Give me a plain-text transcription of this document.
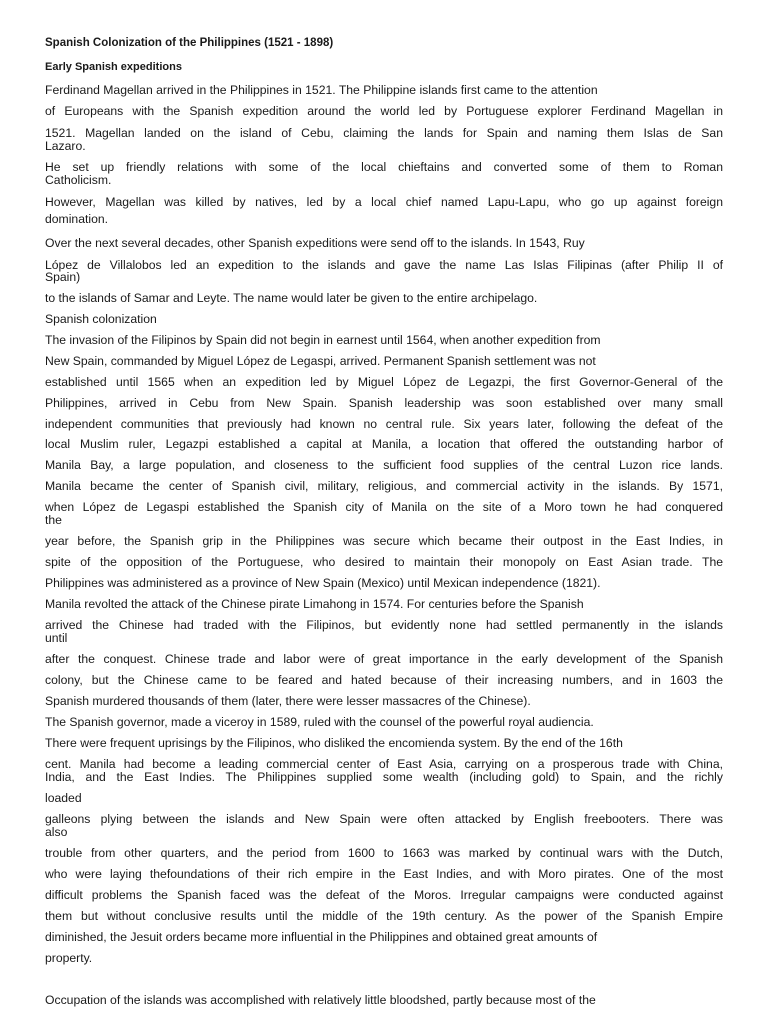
Spanish Colonization of the Philippines (1521 - 1898)
Early Spanish expeditions
Ferdinand Magellan arrived in the Philippines in 1521. The Philippine islands first came to the attention
of Europeans with the Spanish expedition around the world led by Portuguese explorer Ferdinand Magellan in
1521. Magellan landed on the island of Cebu, claiming the lands for Spain and naming them Islas de San
Lazaro.
He set up friendly relations with some of the local chieftains and converted some of them to Roman
Catholicism.
However, Magellan was killed by natives, led by a local chief named Lapu-Lapu, who go up against foreign
domination.
Over the next several decades, other Spanish expeditions were send off to the islands. In 1543, Ruy
López de Villalobos led an expedition to the islands and gave the name Las Islas Filipinas (after Philip II of
Spain)
to the islands of Samar and Leyte. The name would later be given to the entire archipelago.
Spanish colonization
The invasion of the Filipinos by Spain did not begin in earnest until 1564, when another expedition from
New Spain, commanded by Miguel López de Legaspi, arrived. Permanent Spanish settlement was not
established until 1565 when an expedition led by Miguel López de Legazpi, the first Governor-General of the
Philippines, arrived in Cebu from New Spain. Spanish leadership was soon established over many small
independent communities that previously had known no central rule. Six years later, following the defeat of the
local Muslim ruler, Legazpi established a capital at Manila, a location that offered the outstanding harbor of
Manila Bay, a large population, and closeness to the sufficient food supplies of the central Luzon rice lands.
Manila became the center of Spanish civil, military, religious, and commercial activity in the islands. By 1571,
when López de Legaspi established the Spanish city of Manila on the site of a Moro town he had conquered
the
year before, the Spanish grip in the Philippines was secure which became their outpost in the East Indies, in
spite of the opposition of the Portuguese, who desired to maintain their monopoly on East Asian trade. The
Philippines was administered as a province of New Spain (Mexico) until Mexican independence (1821).
Manila revolted the attack of the Chinese pirate Limahong in 1574. For centuries before the Spanish
arrived the Chinese had traded with the Filipinos, but evidently none had settled permanently in the islands
until
after the conquest. Chinese trade and labor were of great importance in the early development of the Spanish
colony, but the Chinese came to be feared and hated because of their increasing numbers, and in 1603 the
Spanish murdered thousands of them (later, there were lesser massacres of the Chinese).
The Spanish governor, made a viceroy in 1589, ruled with the counsel of the powerful royal audiencia.
There were frequent uprisings by the Filipinos, who disliked the encomienda system. By the end of the 16th
cent. Manila had become a leading commercial center of East Asia, carrying on a prosperous trade with China,
India, and the East Indies. The Philippines supplied some wealth (including gold) to Spain, and the richly
loaded
galleons plying between the islands and New Spain were often attacked by English freebooters. There was
also
trouble from other quarters, and the period from 1600 to 1663 was marked by continual wars with the Dutch,
who were laying thefoundations of their rich empire in the East Indies, and with Moro pirates. One of the most
difficult problems the Spanish faced was the defeat of the Moros. Irregular campaigns were conducted against
them but without conclusive results until the middle of the 19th century. As the power of the Spanish Empire
diminished, the Jesuit orders became more influential in the Philippines and obtained great amounts of
property.
Occupation of the islands was accomplished with relatively little bloodshed, partly because most of the
